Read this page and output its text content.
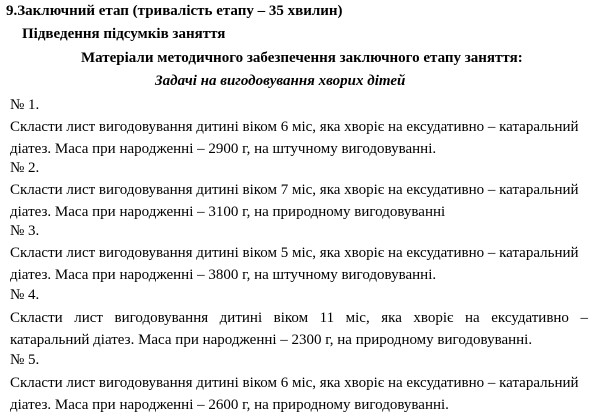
9.Заключний етап (тривалість етапу – 35 хвилин)
Підведення підсумків заняття
Матеріали методичного забезпечення заключного етапу заняття:
Задачі на вигодовування хворих дітей
№ 1.
Скласти лист вигодовування дитині віком 6 міс, яка хворіє на ексудативно – катаральний
діатез. Маса при народженні – 2900 г, на штучному вигодовуванні.
№ 2.
Скласти лист вигодовування дитині віком 7 міс, яка хворіє на ексудативно – катаральний
діатез. Маса при народженні – 3100 г, на природному вигодовуванні
№ 3.
Скласти лист вигодовування дитині віком 5 міс, яка хворіє на ексудативно – катаральний
діатез. Маса при народженні – 3800 г, на штучному вигодовуванні.
№ 4.
Скласти лист вигодовування дитині віком 11 міс, яка хворіє на ексудативно –
катаральний діатез. Маса при народженні – 2300 г, на природному вигодовуванні.
№ 5.
Скласти лист вигодовування дитині віком 6 міс, яка хворіє на ексудативно – катаральний
діатез. Маса при народженні – 2600 г, на природному вигодовуванні.
